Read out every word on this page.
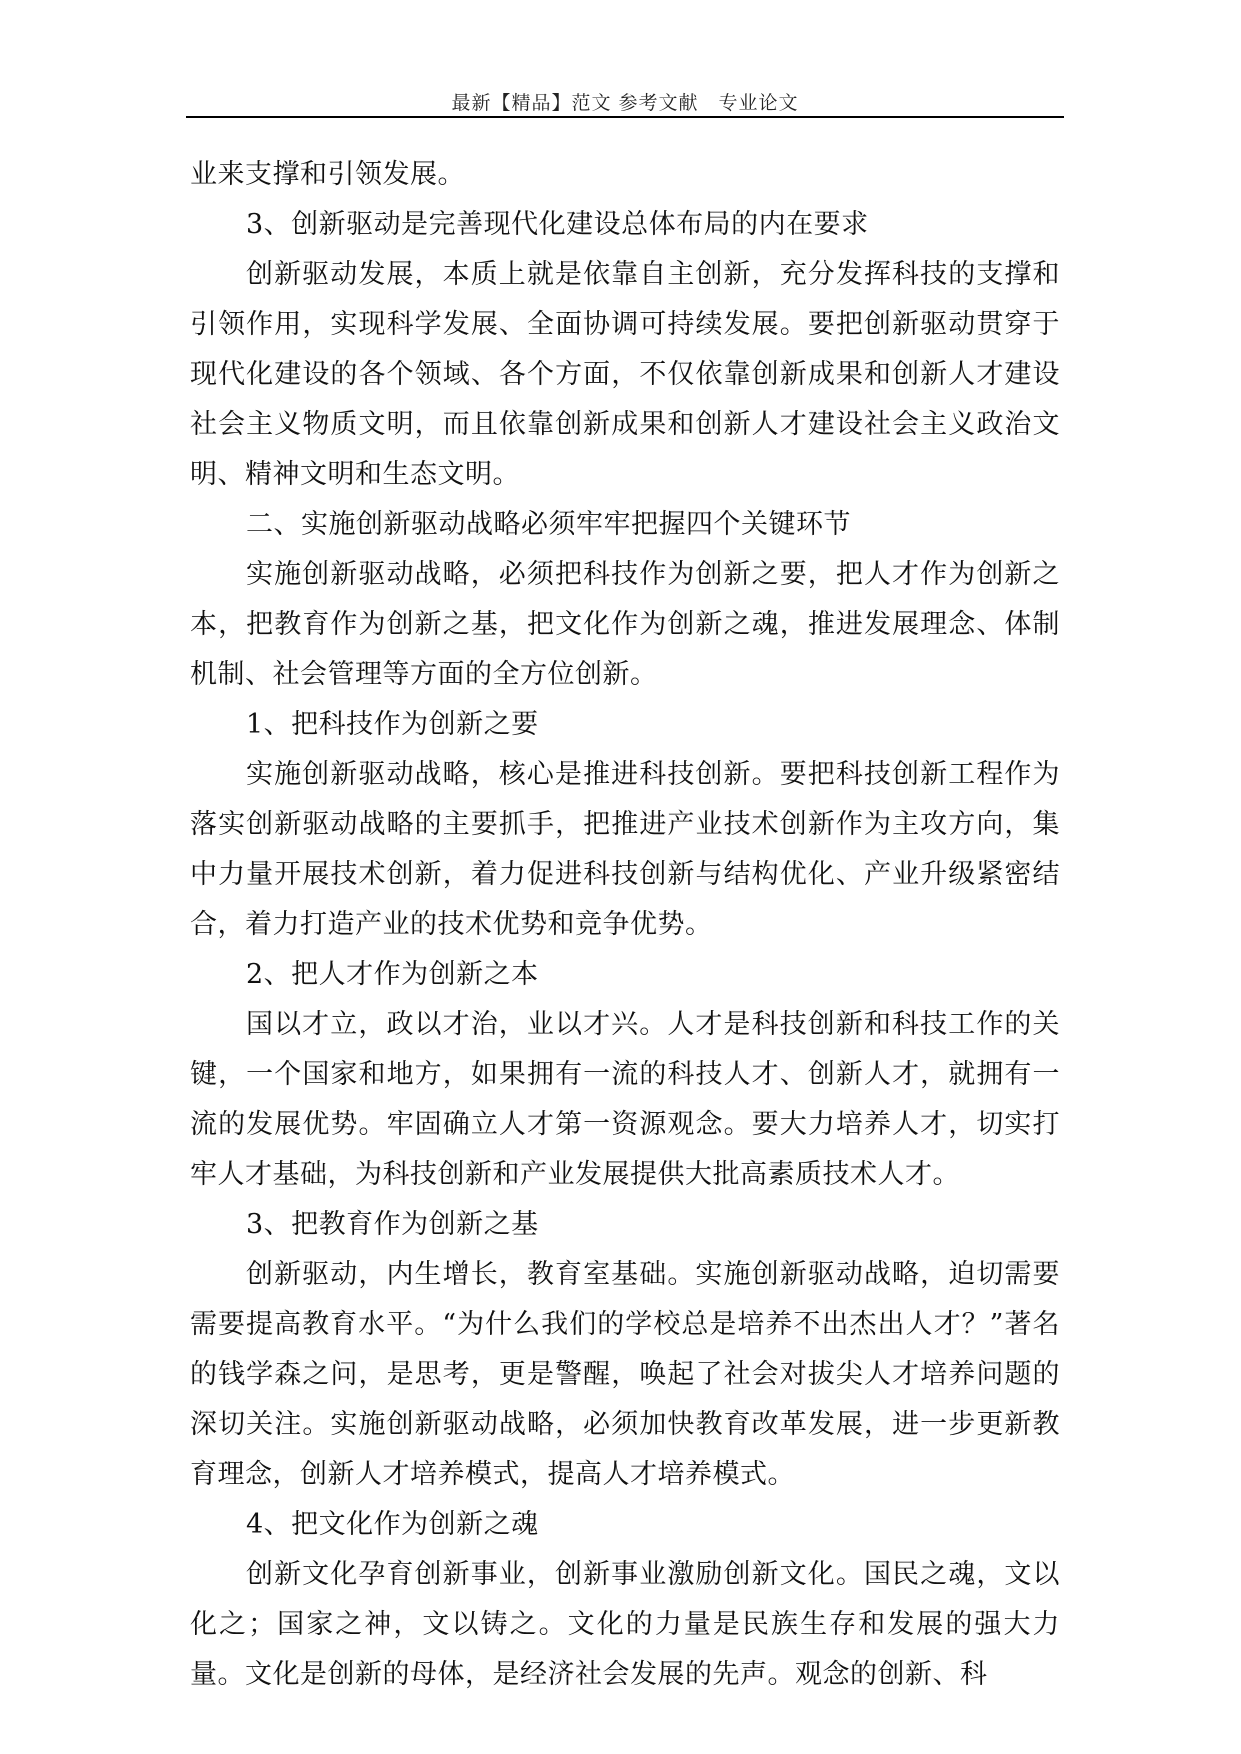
最新【精品】范文 参考文献　专业论文

业来支撑和引领发展。

3、创新驱动是完善现代化建设总体布局的内在要求

创新驱动发展，本质上就是依靠自主创新，充分发挥科技的支撑和引领作用，实现科学发展、全面协调可持续发展。要把创新驱动贯穿于现代化建设的各个领域、各个方面，不仅依靠创新成果和创新人才建设社会主义物质文明，而且依靠创新成果和创新人才建设社会主义政治文明、精神文明和生态文明。

二、实施创新驱动战略必须牢牢把握四个关键环节

实施创新驱动战略，必须把科技作为创新之要，把人才作为创新之本，把教育作为创新之基，把文化作为创新之魂，推进发展理念、体制机制、社会管理等方面的全方位创新。

1、把科技作为创新之要

实施创新驱动战略，核心是推进科技创新。要把科技创新工程作为落实创新驱动战略的主要抓手，把推进产业技术创新作为主攻方向，集中力量开展技术创新，着力促进科技创新与结构优化、产业升级紧密结合，着力打造产业的技术优势和竞争优势。

2、把人才作为创新之本

国以才立，政以才治，业以才兴。人才是科技创新和科技工作的关键，一个国家和地方，如果拥有一流的科技人才、创新人才，就拥有一流的发展优势。牢固确立人才第一资源观念。要大力培养人才，切实打牢人才基础，为科技创新和产业发展提供大批高素质技术人才。

3、把教育作为创新之基

创新驱动，内生增长，教育室基础。实施创新驱动战略，迫切需要需要提高教育水平。“为什么我们的学校总是培养不出杰出人才？”著名的钱学森之问，是思考，更是警醒，唤起了社会对拔尖人才培养问题的深切关注。实施创新驱动战略，必须加快教育改革发展，进一步更新教育理念，创新人才培养模式，提高人才培养模式。

4、把文化作为创新之魂

创新文化孕育创新事业，创新事业激励创新文化。国民之魂，文以化之；国家之神，文以铸之。文化的力量是民族生存和发展的强大力量。文化是创新的母体，是经济社会发展的先声。观念的创新、科
